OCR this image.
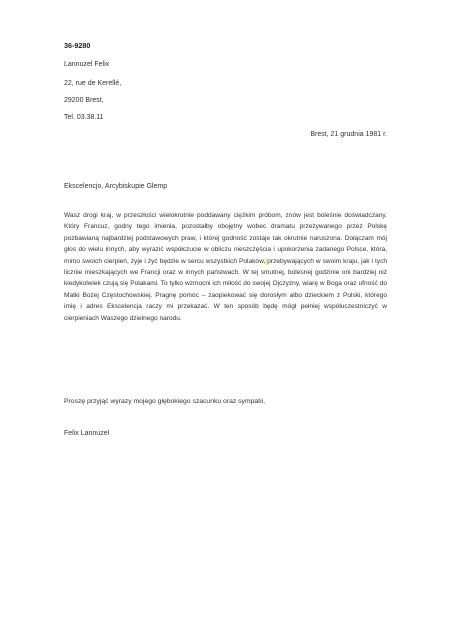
36-9280
Lannuzel Felix
22, rue de Kerellé,
29200 Brest,
Tel. 03.38.11
Brest, 21 grudnia 1981 r.
Ekscelencjo, Arcybiskupie Glemp
Wasz drogi kraj, w przeszłości wielokrotnie poddawany ciężkim próbom, znów jest boleśnie doświadczany. Który Francuz, godny tego imienia, pozostałby obojętny wobec dramatu przeżywanego przez Polskę pozbawianą najbardziej podstawowych praw, i której godność zostaje tak okrutnie naruszona. Dołączam mój głos do wielu innych, aby wyrazić współczucie w obliczu nieszczęścia i upokorzenia zadanego Polsce, która, mimo swoich cierpień, żyje i żyć będzie w sercu wszystkich Polaków, przebywających w swoim kraju, jak i tych licznie mieszkających we Francji oraz w innych państwach. W tej smutnej, bolesnej godzinie oni bardziej niż kiedykolwiek czują się Polakami. To tylko wzmocni ich miłość do swojej Ojczyzny, wiarę w Boga oraz ufność do Matki Bożej Częstochowskiej. Pragnę pomóc – zaopiekować się dorosłym albo dzieckiem z Polski, którego imię i adres Ekscelencja raczy mi przekazać. W ten sposób będę mógł pełniej współuczestniczyć w cierpieniach Waszego dzielnego narodu.
Proszę przyjąć wyrazy mojego głębokiego szacunku oraz sympatii,
Felix Lannuzel
